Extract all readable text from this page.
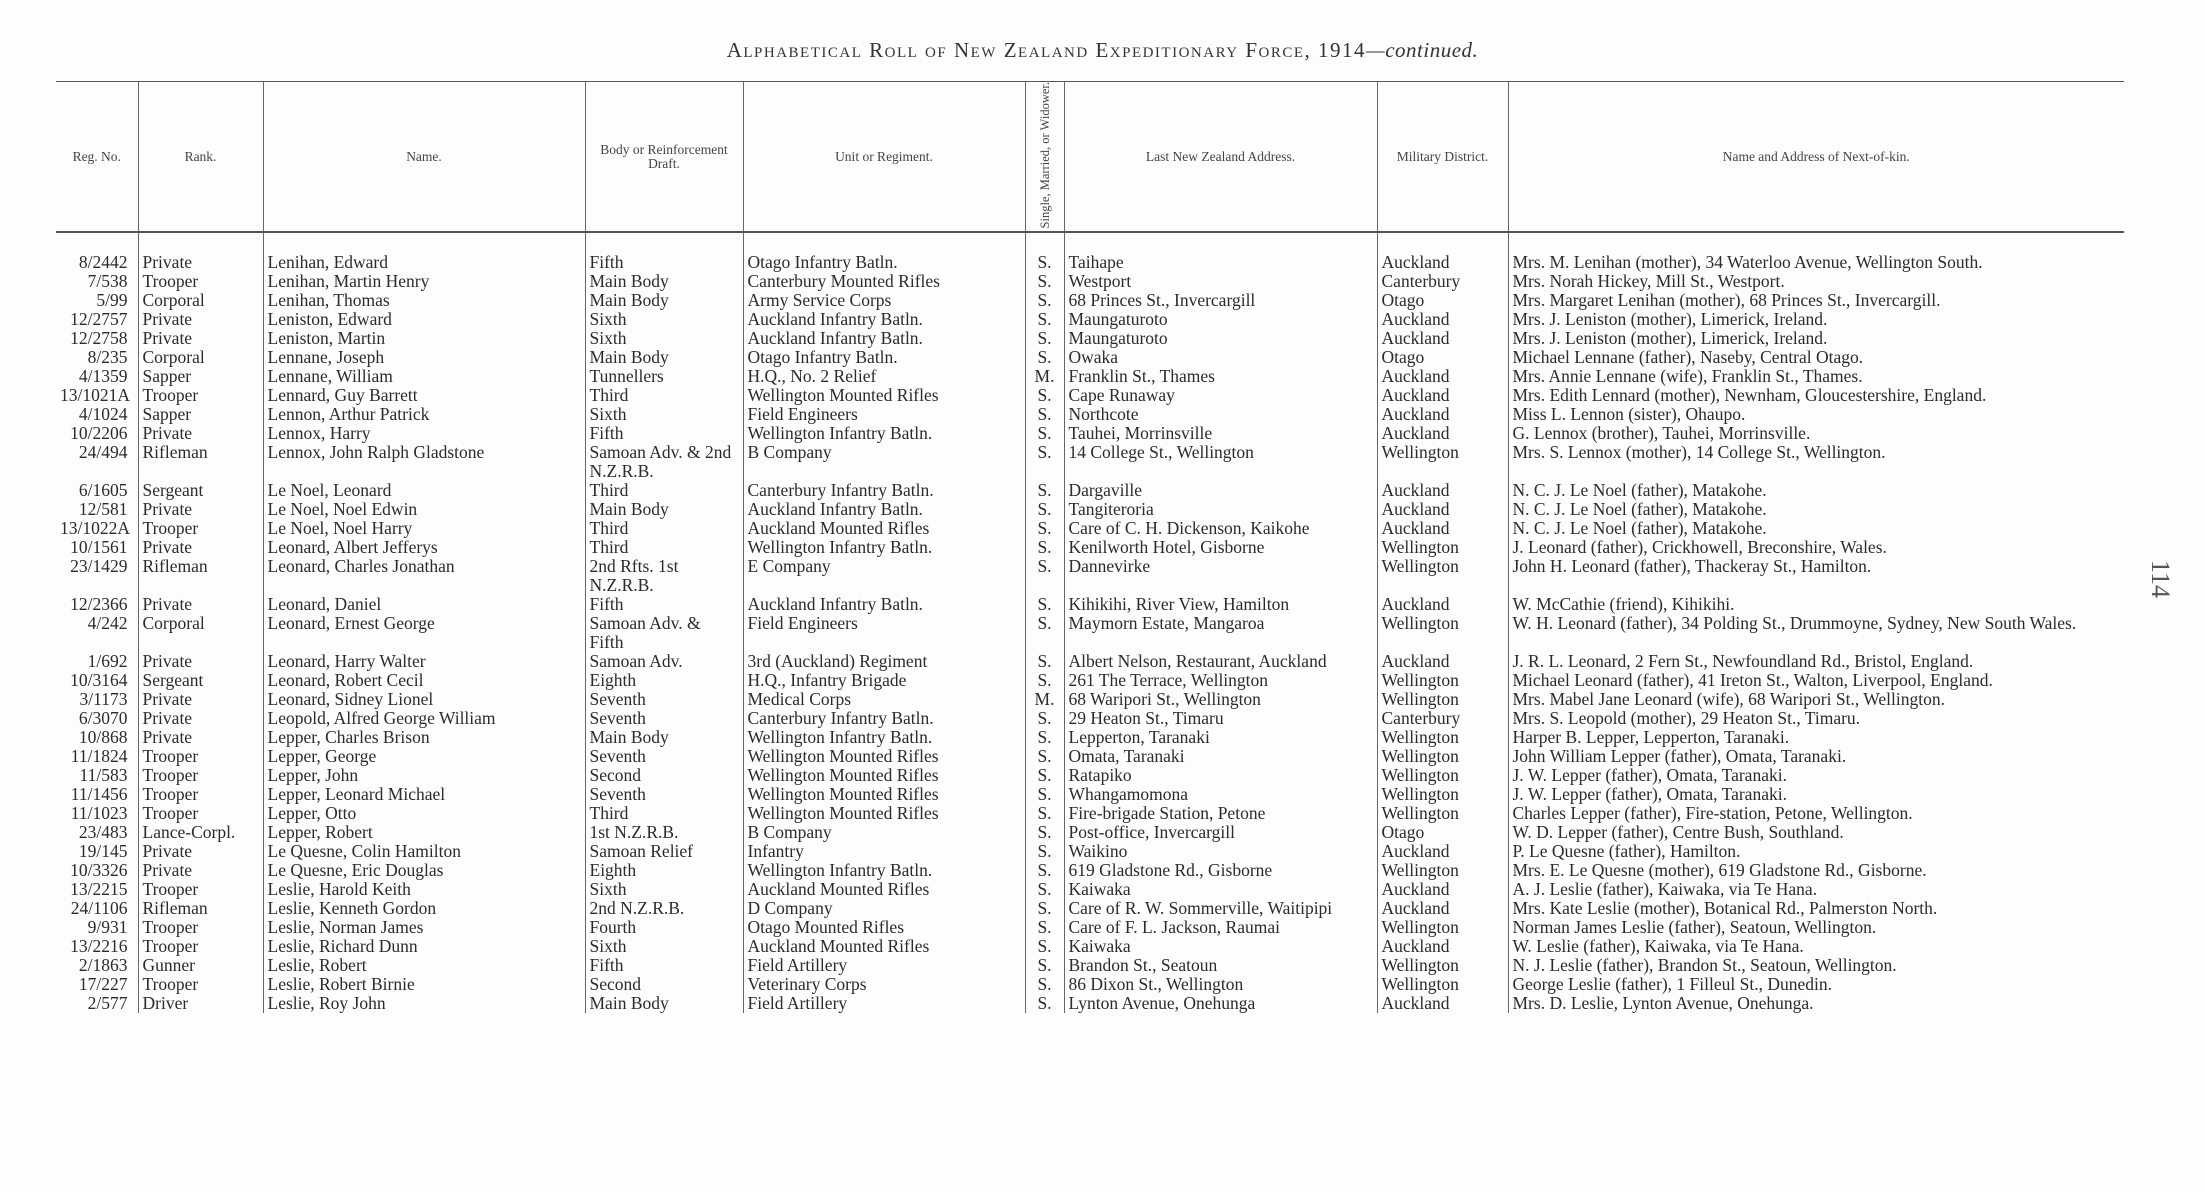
Alphabetical Roll of New Zealand Expeditionary Force, 1914—continued.
Reg. No.	Rank.	Name.	Body or Reinforcement Draft.	Unit or Regiment.	Single, Married, or Widower.	Last New Zealand Address.	Military District.	Name and Address of Next-of-kin.

8/2442	Private	Lenihan, Edward	Fifth	Otago Infantry Batln.	S.	Taihape	Auckland	Mrs. M. Lenihan (mother), 34 Waterloo Avenue, Wellington South.
7/538	Trooper	Lenihan, Martin Henry	Main Body	Canterbury Mounted Rifles	S.	Westport	Canterbury	Mrs. Norah Hickey, Mill St., Westport.
5/99	Corporal	Lenihan, Thomas	Main Body	Army Service Corps	S.	68 Princes St., Invercargill	Otago	Mrs. Margaret Lenihan (mother), 68 Princes St., Invercargill.
12/2757	Private	Leniston, Edward	Sixth	Auckland Infantry Batln.	S.	Maungaturoto	Auckland	Mrs. J. Leniston (mother), Limerick, Ireland.
12/2758	Private	Leniston, Martin	Sixth	Auckland Infantry Batln.	S.	Maungaturoto	Auckland	Mrs. J. Leniston (mother), Limerick, Ireland.
8/235	Corporal	Lennane, Joseph	Main Body	Otago Infantry Batln.	S.	Owaka	Otago	Michael Lennane (father), Naseby, Central Otago.
4/1359	Sapper	Lennane, William	Tunnellers	H.Q., No. 2 Relief	M.	Franklin St., Thames	Auckland	Mrs. Annie Lennane (wife), Franklin St., Thames.
13/1021A	Trooper	Lennard, Guy Barrett	Third	Wellington Mounted Rifles	S.	Cape Runaway	Auckland	Mrs. Edith Lennard (mother), Newnham, Gloucestershire, England.
4/1024	Sapper	Lennon, Arthur Patrick	Sixth	Field Engineers	S.	Northcote	Auckland	Miss L. Lennon (sister), Ohaupo.
10/2206	Private	Lennox, Harry	Fifth	Wellington Infantry Batln.	S.	Tauhei, Morrinsville	Auckland	G. Lennox (brother), Tauhei, Morrinsville.
24/494	Rifleman	Lennox, John Ralph Gladstone	Samoan Adv. & 2nd N.Z.R.B.	B Company	S.	14 College St., Wellington	Wellington	Mrs. S. Lennox (mother), 14 College St., Wellington.
6/1605	Sergeant	Le Noel, Leonard	Third	Canterbury Infantry Batln.	S.	Dargaville	Auckland	N. C. J. Le Noel (father), Matakohe.
12/581	Private	Le Noel, Noel Edwin	Main Body	Auckland Infantry Batln.	S.	Tangiteroria	Auckland	N. C. J. Le Noel (father), Matakohe.
13/1022A	Trooper	Le Noel, Noel Harry	Third	Auckland Mounted Rifles	S.	Care of C. H. Dickenson, Kaikohe	Auckland	N. C. J. Le Noel (father), Matakohe.
10/1561	Private	Leonard, Albert Jefferys	Third	Wellington Infantry Batln.	S.	Kenilworth Hotel, Gisborne	Wellington	J. Leonard (father), Crickhowell, Breconshire, Wales.
23/1429	Rifleman	Leonard, Charles Jonathan	2nd Rfts. 1st N.Z.R.B.	E Company	S.	Dannevirke	Wellington	John H. Leonard (father), Thackeray St., Hamilton.
12/2366	Private	Leonard, Daniel	Fifth	Auckland Infantry Batln.	S.	Kihikihi, River View, Hamilton	Auckland	W. McCathie (friend), Kihikihi.
4/242	Corporal	Leonard, Ernest George	Samoan Adv. & Fifth	Field Engineers	S.	Maymorn Estate, Mangaroa	Wellington	W. H. Leonard (father), 34 Polding St., Drummoyne, Sydney, New South Wales.
1/692	Private	Leonard, Harry Walter	Samoan Adv.	3rd (Auckland) Regiment	S.	Albert Nelson, Restaurant, Auckland	Auckland	J. R. L. Leonard, 2 Fern St., Newfoundland Rd., Bristol, England.
10/3164	Sergeant	Leonard, Robert Cecil	Eighth	H.Q., Infantry Brigade	S.	261 The Terrace, Wellington	Wellington	Michael Leonard (father), 41 Ireton St., Walton, Liverpool, England.
3/1173	Private	Leonard, Sidney Lionel	Seventh	Medical Corps	M.	68 Waripori St., Wellington	Wellington	Mrs. Mabel Jane Leonard (wife), 68 Waripori St., Wellington.
6/3070	Private	Leopold, Alfred George William	Seventh	Canterbury Infantry Batln.	S.	29 Heaton St., Timaru	Canterbury	Mrs. S. Leopold (mother), 29 Heaton St., Timaru.
10/868	Private	Lepper, Charles Brison	Main Body	Wellington Infantry Batln.	S.	Lepperton, Taranaki	Wellington	Harper B. Lepper, Lepperton, Taranaki.
11/1824	Trooper	Lepper, George	Seventh	Wellington Mounted Rifles	S.	Omata, Taranaki	Wellington	John William Lepper (father), Omata, Taranaki.
11/583	Trooper	Lepper, John	Second	Wellington Mounted Rifles	S.	Ratapiko	Wellington	J. W. Lepper (father), Omata, Taranaki.
11/1456	Trooper	Lepper, Leonard Michael	Seventh	Wellington Mounted Rifles	S.	Whangamomona	Wellington	J. W. Lepper (father), Omata, Taranaki.
11/1023	Trooper	Lepper, Otto	Third	Wellington Mounted Rifles	S.	Fire-brigade Station, Petone	Wellington	Charles Lepper (father), Fire-station, Petone, Wellington.
23/483	Lance-Corpl.	Lepper, Robert	1st N.Z.R.B.	B Company	S.	Post-office, Invercargill	Otago	W. D. Lepper (father), Centre Bush, Southland.
19/145	Private	Le Quesne, Colin Hamilton	Samoan Relief	Infantry	S.	Waikino	Auckland	P. Le Quesne (father), Hamilton.
10/3326	Private	Le Quesne, Eric Douglas	Eighth	Wellington Infantry Batln.	S.	619 Gladstone Rd., Gisborne	Wellington	Mrs. E. Le Quesne (mother), 619 Gladstone Rd., Gisborne.
13/2215	Trooper	Leslie, Harold Keith	Sixth	Auckland Mounted Rifles	S.	Kaiwaka	Auckland	A. J. Leslie (father), Kaiwaka, via Te Hana.
24/1106	Rifleman	Leslie, Kenneth Gordon	2nd N.Z.R.B.	D Company	S.	Care of R. W. Sommerville, Waitipipi	Auckland	Mrs. Kate Leslie (mother), Botanical Rd., Palmerston North.
9/931	Trooper	Leslie, Norman James	Fourth	Otago Mounted Rifles	S.	Care of F. L. Jackson, Raumai	Wellington	Norman James Leslie (father), Seatoun, Wellington.
13/2216	Trooper	Leslie, Richard Dunn	Sixth	Auckland Mounted Rifles	S.	Kaiwaka	Auckland	W. Leslie (father), Kaiwaka, via Te Hana.
2/1863	Gunner	Leslie, Robert	Fifth	Field Artillery	S.	Brandon St., Seatoun	Wellington	N. J. Leslie (father), Brandon St., Seatoun, Wellington.
17/227	Trooper	Leslie, Robert Birnie	Second	Veterinary Corps	S.	86 Dixon St., Wellington	Wellington	George Leslie (father), 1 Filleul St., Dunedin.
2/577	Driver	Leslie, Roy John	Main Body	Field Artillery	S.	Lynton Avenue, Onehunga	Auckland	Mrs. D. Leslie, Lynton Avenue, Onehunga.
114
